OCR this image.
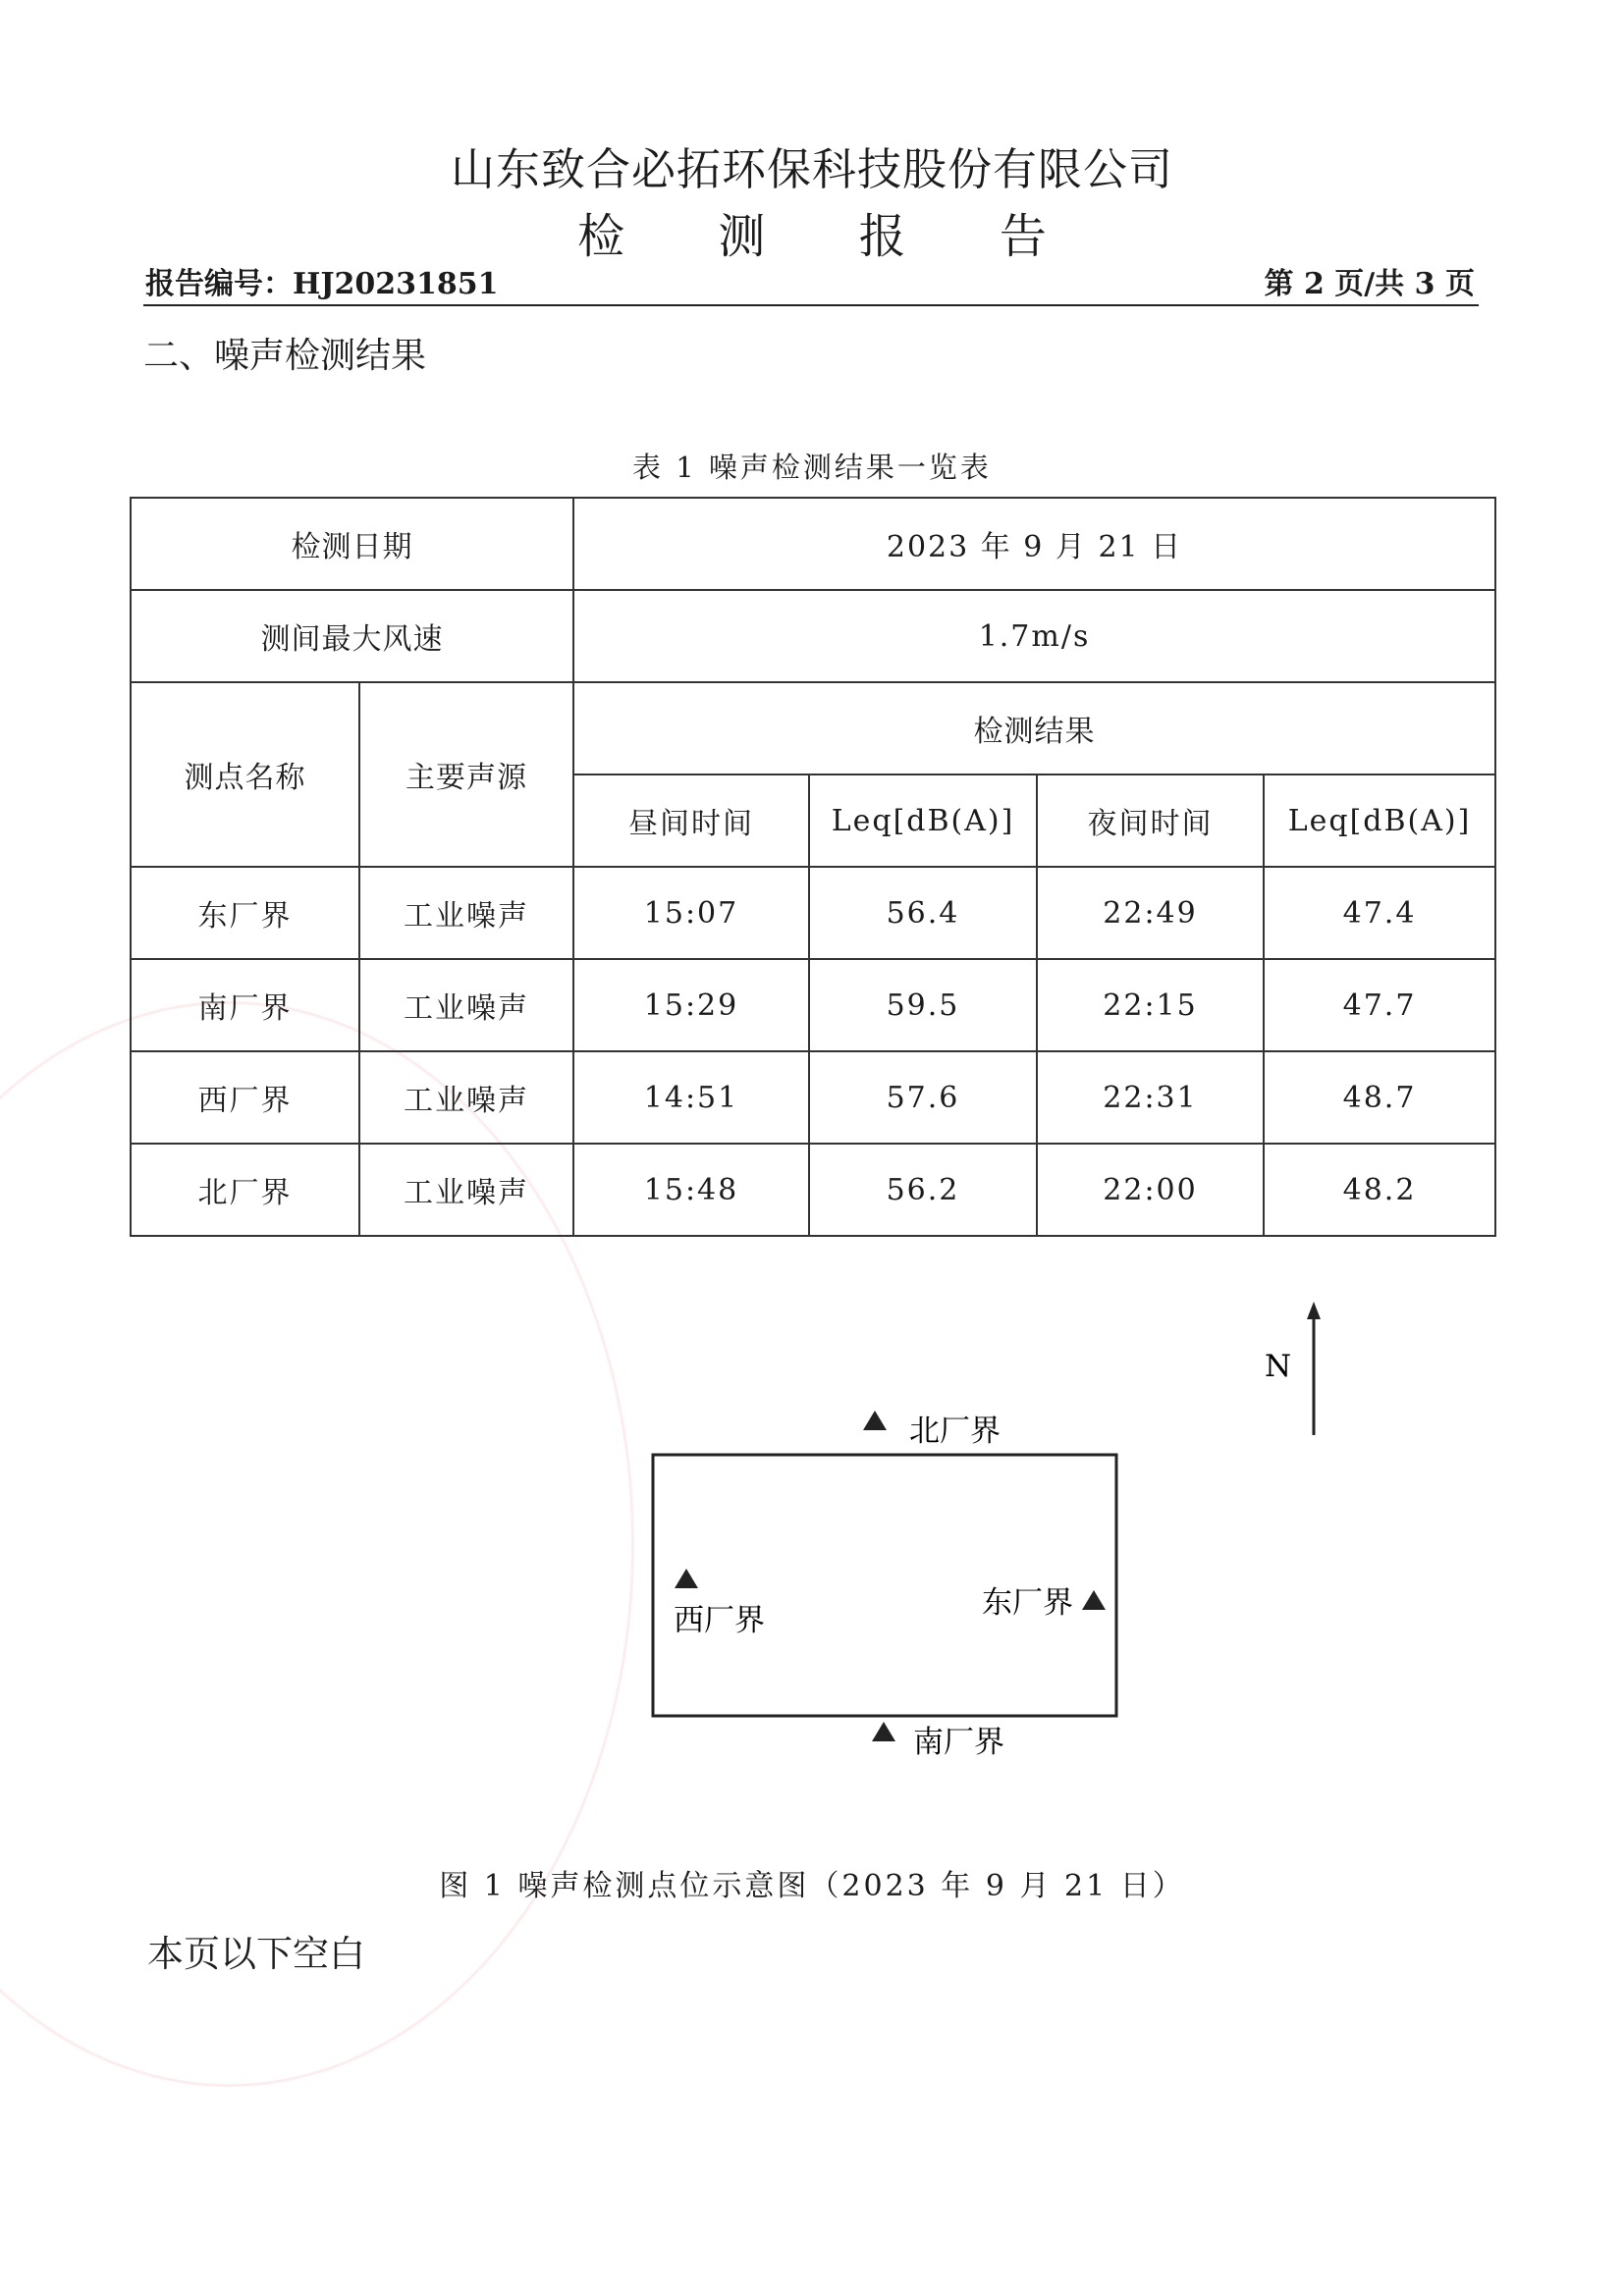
山东致合必拓环保科技股份有限公司
检 测 报 告
报告编号：HJ20231851	第 2 页/共 3 页
二、噪声检测结果
表 1 噪声检测结果一览表
检测日期		2023 年 9 月 21 日			
测间最大风速		1.7m/s			
测点名称	主要声源	检测结果			
		昼间时间	Leq[dB(A)]	夜间时间	Leq[dB(A)]
东厂界	工业噪声	15:07	56.4	22:49	47.4
南厂界	工业噪声	15:29	59.5	22:15	47.7
西厂界	工业噪声	14:51	57.6	22:31	48.7
北厂界	工业噪声	15:48	56.2	22:00	48.2
N
北厂界
西厂界	东厂界
南厂界
图 1 噪声检测点位示意图（2023 年 9 月 21 日）
本页以下空白
